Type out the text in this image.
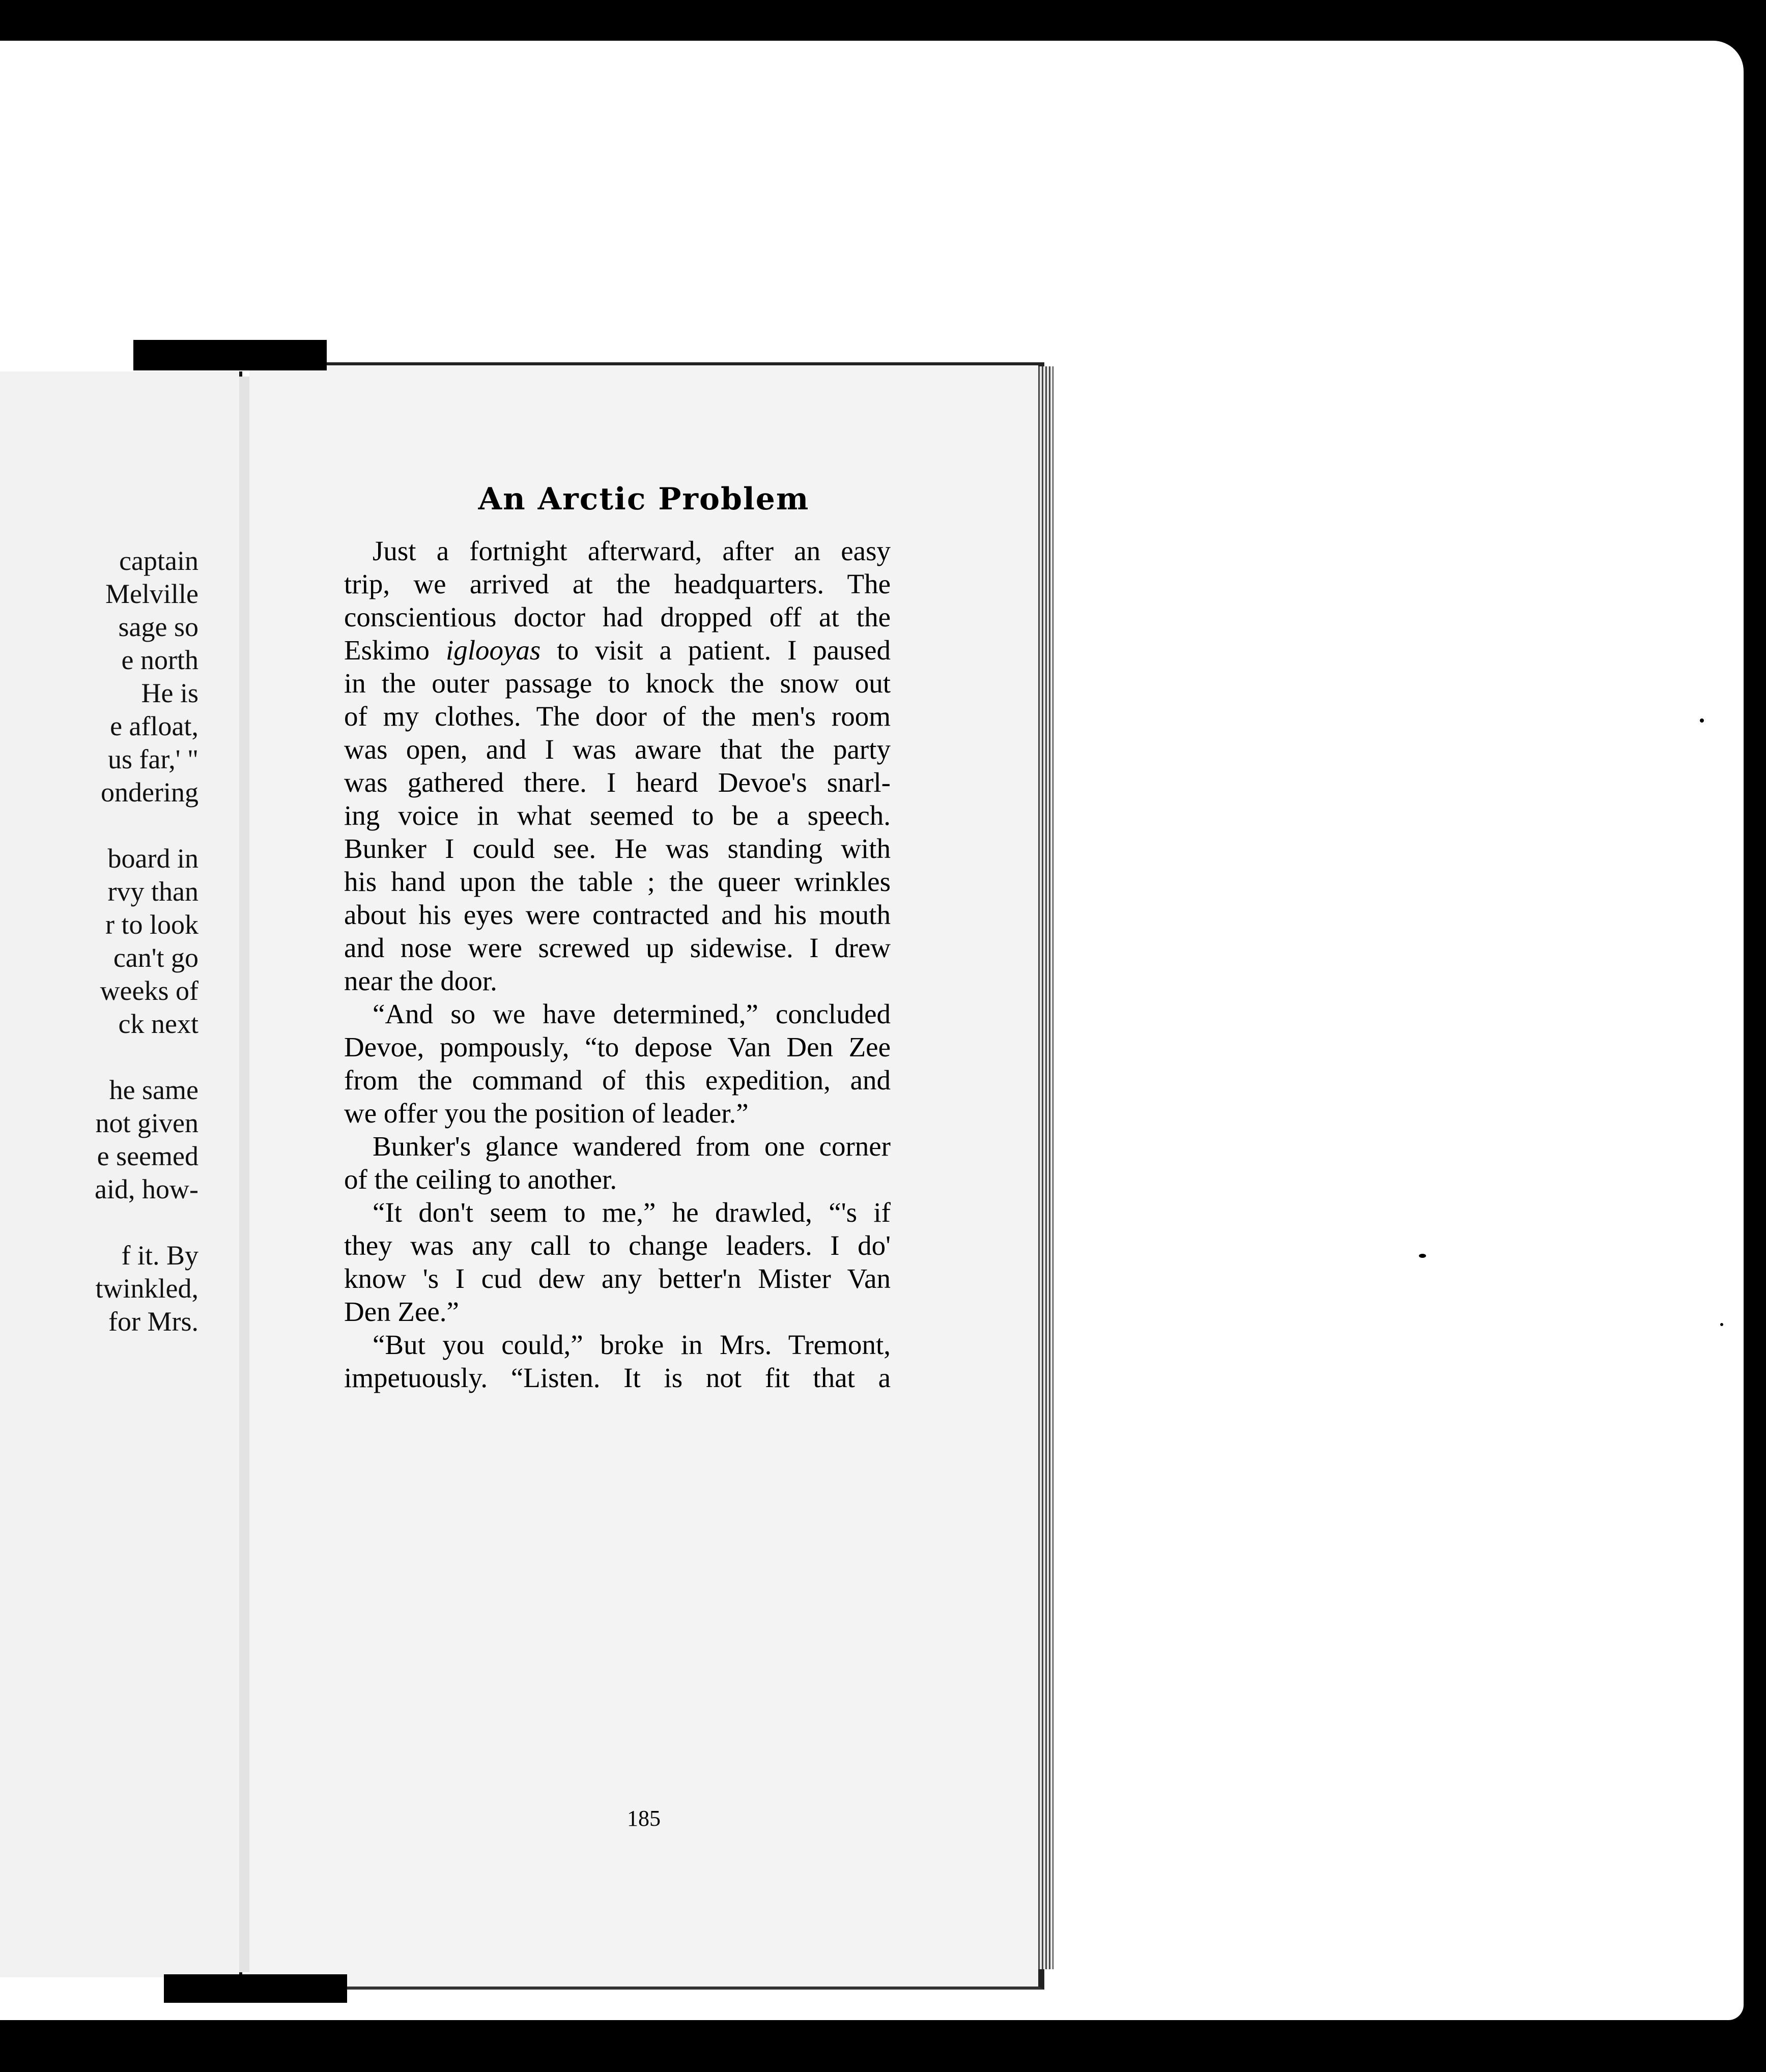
captain
Melville
sage so
e north
He is
e afloat,
us far,' "
ondering
board in
rvy than
r to look
can't go
weeks of
ck next
he same
not given
e seemed
aid, how-
f it. By
twinkled,
for Mrs.
An Arctic Problem
Just a fortnight afterward, after an easy
trip, we arrived at the headquarters. The
conscientious doctor had dropped off at the
Eskimo iglooyas to visit a patient. I paused
in the outer passage to knock the snow out
of my clothes. The door of the men's room
was open, and I was aware that the party
was gathered there. I heard Devoe's snarl-
ing voice in what seemed to be a speech.
Bunker I could see. He was standing with
his hand upon the table ; the queer wrinkles
about his eyes were contracted and his mouth
and nose were screwed up sidewise. I drew
near the door.
“And so we have determined,” concluded
Devoe, pompously, “to depose Van Den Zee
from the command of this expedition, and
we offer you the position of leader.”
Bunker's glance wandered from one corner
of the ceiling to another.
“It don't seem to me,” he drawled, “'s if
they was any call to change leaders. I do'
know 's I cud dew any better'n Mister Van
Den Zee.”
“But you could,” broke in Mrs. Tremont,
impetuously. “Listen. It is not fit that a
185
